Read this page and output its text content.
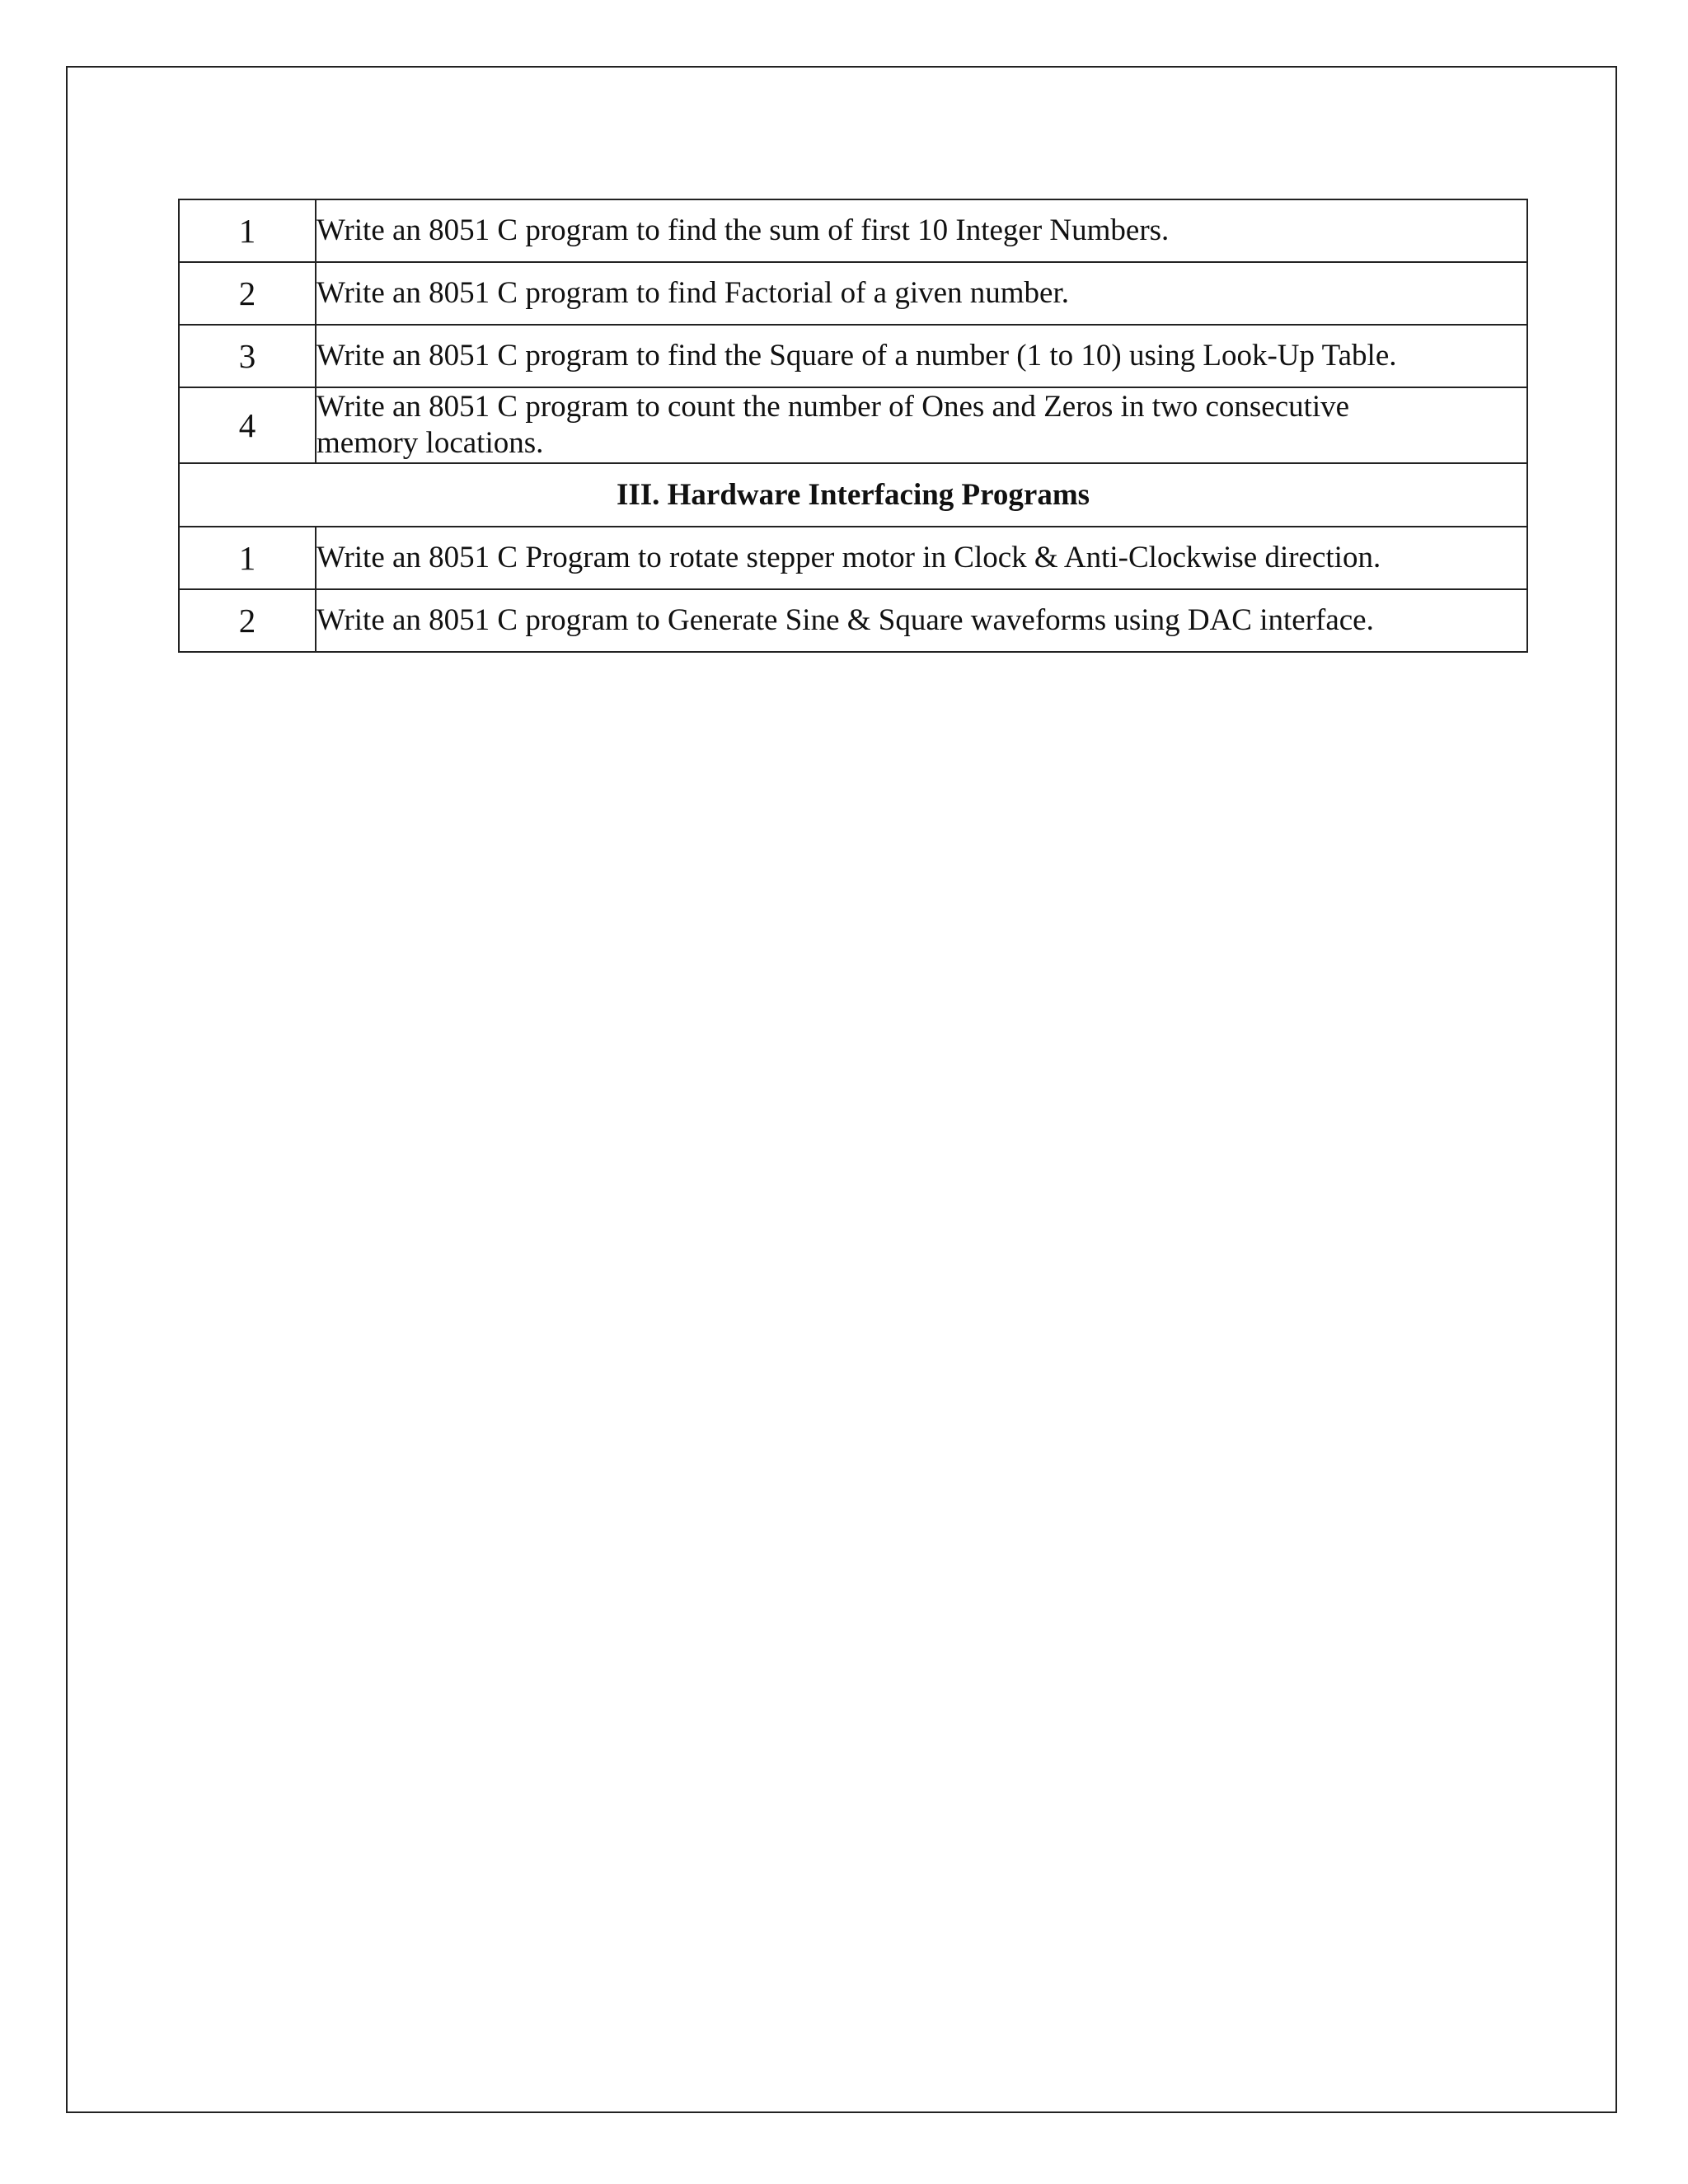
1	Write an 8051 C program to find the sum of first 10 Integer Numbers.
2	Write an 8051 C program to find Factorial of a given number.
3	Write an 8051 C program to find the Square of a number (1 to 10) using Look-Up Table.
4	Write an 8051 C program to count the number of Ones and Zeros in two consecutive
memory locations.

III. Hardware Interfacing Programs	
1	Write an 8051 C Program to rotate stepper motor in Clock & Anti-Clockwise direction.
2	Write an 8051 C program to Generate Sine & Square waveforms using DAC interface.
